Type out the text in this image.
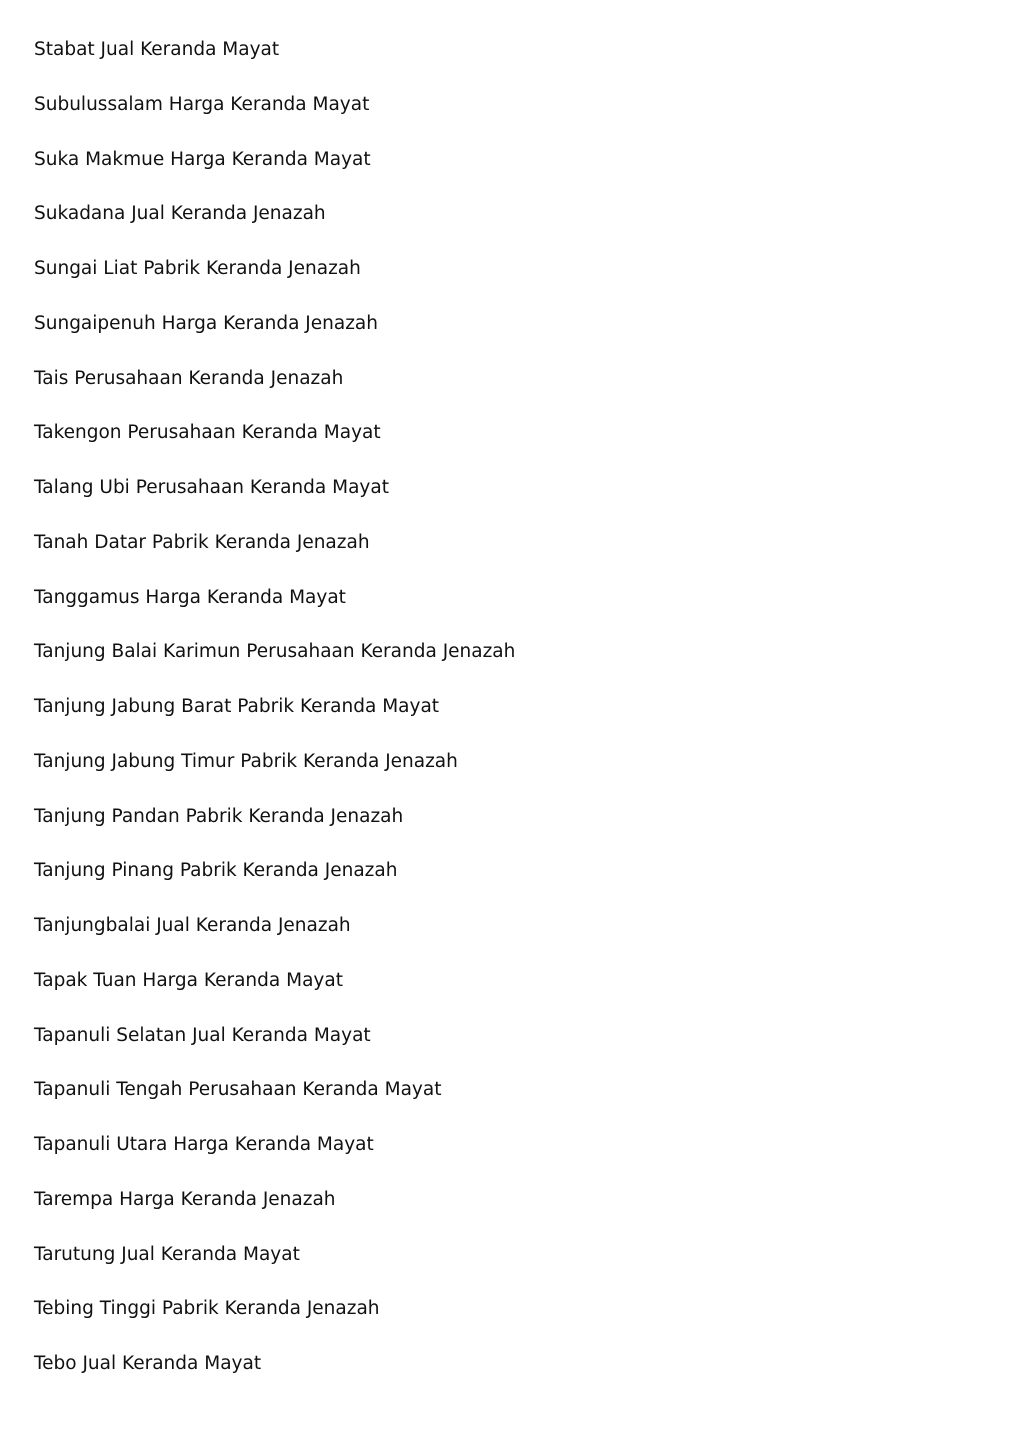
Stabat Jual Keranda Mayat
Subulussalam Harga Keranda Mayat
Suka Makmue Harga Keranda Mayat
Sukadana Jual Keranda Jenazah
Sungai Liat Pabrik Keranda Jenazah
Sungaipenuh Harga Keranda Jenazah
Tais Perusahaan Keranda Jenazah
Takengon Perusahaan Keranda Mayat
Talang Ubi Perusahaan Keranda Mayat
Tanah Datar Pabrik Keranda Jenazah
Tanggamus Harga Keranda Mayat
Tanjung Balai Karimun Perusahaan Keranda Jenazah
Tanjung Jabung Barat Pabrik Keranda Mayat
Tanjung Jabung Timur Pabrik Keranda Jenazah
Tanjung Pandan Pabrik Keranda Jenazah
Tanjung Pinang Pabrik Keranda Jenazah
Tanjungbalai Jual Keranda Jenazah
Tapak Tuan Harga Keranda Mayat
Tapanuli Selatan Jual Keranda Mayat
Tapanuli Tengah Perusahaan Keranda Mayat
Tapanuli Utara Harga Keranda Mayat
Tarempa Harga Keranda Jenazah
Tarutung Jual Keranda Mayat
Tebing Tinggi Pabrik Keranda Jenazah
Tebo Jual Keranda Mayat
